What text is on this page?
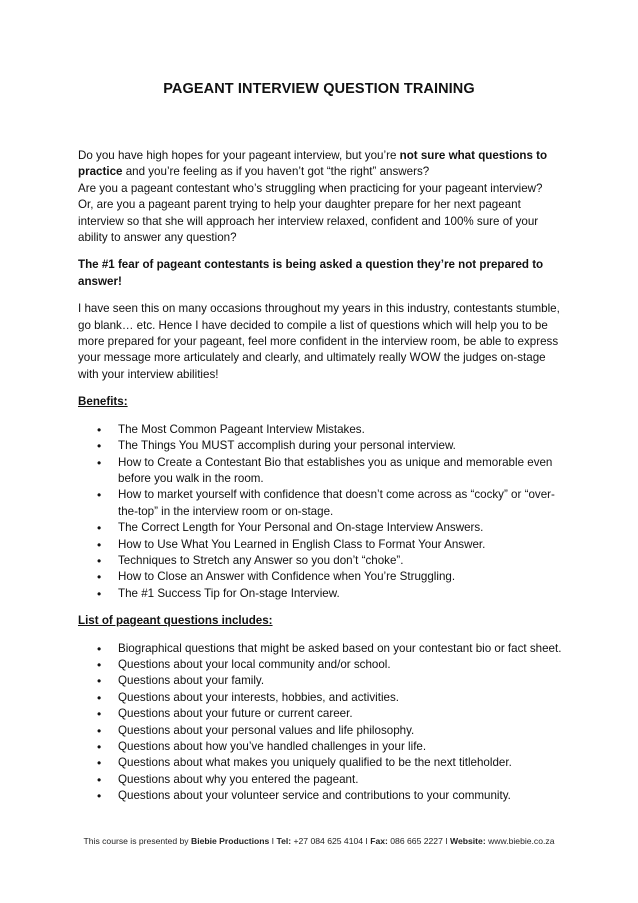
PAGEANT INTERVIEW QUESTION TRAINING

Do you have high hopes for your pageant interview, but you’re not sure what questions to practice and you’re feeling as if you haven’t got “the right” answers?

Are you a pageant contestant who’s struggling when practicing for your pageant interview?

Or, are you a pageant parent trying to help your daughter prepare for her next pageant interview so that she will approach her interview relaxed, confident and 100% sure of your ability to answer any question?

The #1 fear of pageant contestants is being asked a question they’re not prepared to answer!

I have seen this on many occasions throughout my years in this industry, contestants stumble, go blank… etc. Hence I have decided to compile a list of questions which will help you to be more prepared for your pageant, feel more confident in the interview room, be able to express your message more articulately and clearly, and ultimately really WOW the judges on-stage with your interview abilities!

Benefits:
• The Most Common Pageant Interview Mistakes.
• The Things You MUST accomplish during your personal interview.
• How to Create a Contestant Bio that establishes you as unique and memorable even before you walk in the room.
• How to market yourself with confidence that doesn’t come across as “cocky” or “over-the-top” in the interview room or on-stage.
• The Correct Length for Your Personal and On-stage Interview Answers.
• How to Use What You Learned in English Class to Format Your Answer.
• Techniques to Stretch any Answer so you don’t “choke”.
• How to Close an Answer with Confidence when You’re Struggling.
• The #1 Success Tip for On-stage Interview.
List of pageant questions includes:
• Biographical questions that might be asked based on your contestant bio or fact sheet.
• Questions about your local community and/or school.
• Questions about your family.
• Questions about your interests, hobbies, and activities.
• Questions about your future or current career.
• Questions about your personal values and life philosophy.
• Questions about how you’ve handled challenges in your life.
• Questions about what makes you uniquely qualified to be the next titleholder.
• Questions about why you entered the pageant.
• Questions about your volunteer service and contributions to your community.
This course is presented by Biebie Productions I Tel: +27 084 625 4104 I Fax: 086 665 2227 I Website: www.biebie.co.za
